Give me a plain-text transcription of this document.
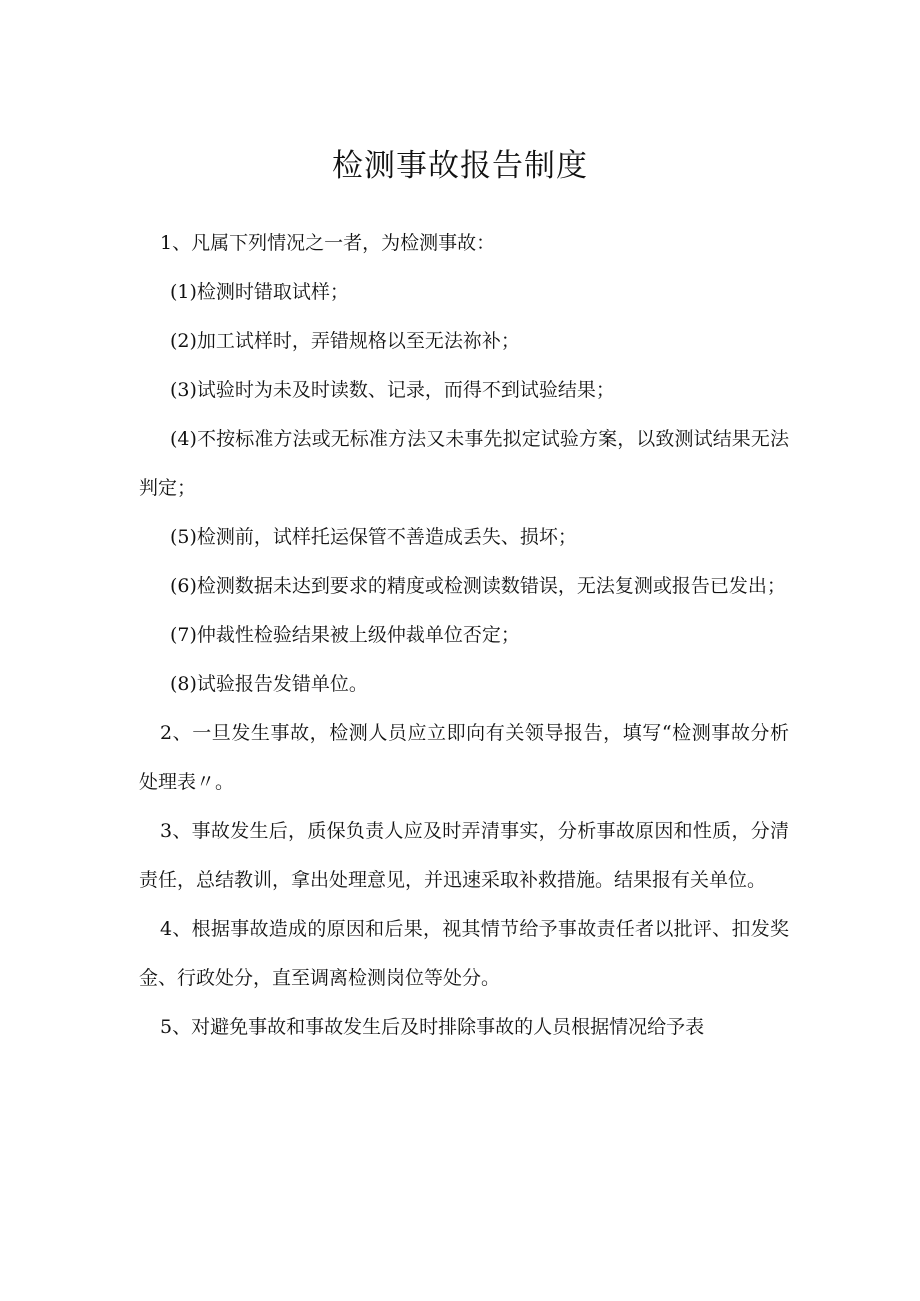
检测事故报告制度

1、凡属下列情况之一者，为检测事故：

(1)检测时错取试样；

(2)加工试样时，弄错规格以至无法祢补；

(3)试验时为未及时读数、记录，而得不到试验结果；

(4)不按标准方法或无标准方法又未事先拟定试验方案，以致测试结果无法判定；

(5)检测前，试样托运保管不善造成丢失、损坏；

(6)检测数据未达到要求的精度或检测读数错误，无法复测或报告已发出；

(7)仲裁性检验结果被上级仲裁单位否定；

(8)试验报告发错单位。

2、一旦发生事故，检测人员应立即向有关领导报告，填写“检测事故分析处理表〃。

3、事故发生后，质保负责人应及时弄清事实，分析事故原因和性质，分清责任，总结教训，拿出处理意见，并迅速采取补救措施。结果报有关单位。

4、根据事故造成的原因和后果，视其情节给予事故责任者以批评、扣发奖金、行政处分，直至调离检测岗位等处分。

5、对避免事故和事故发生后及时排除事故的人员根据情况给予表
